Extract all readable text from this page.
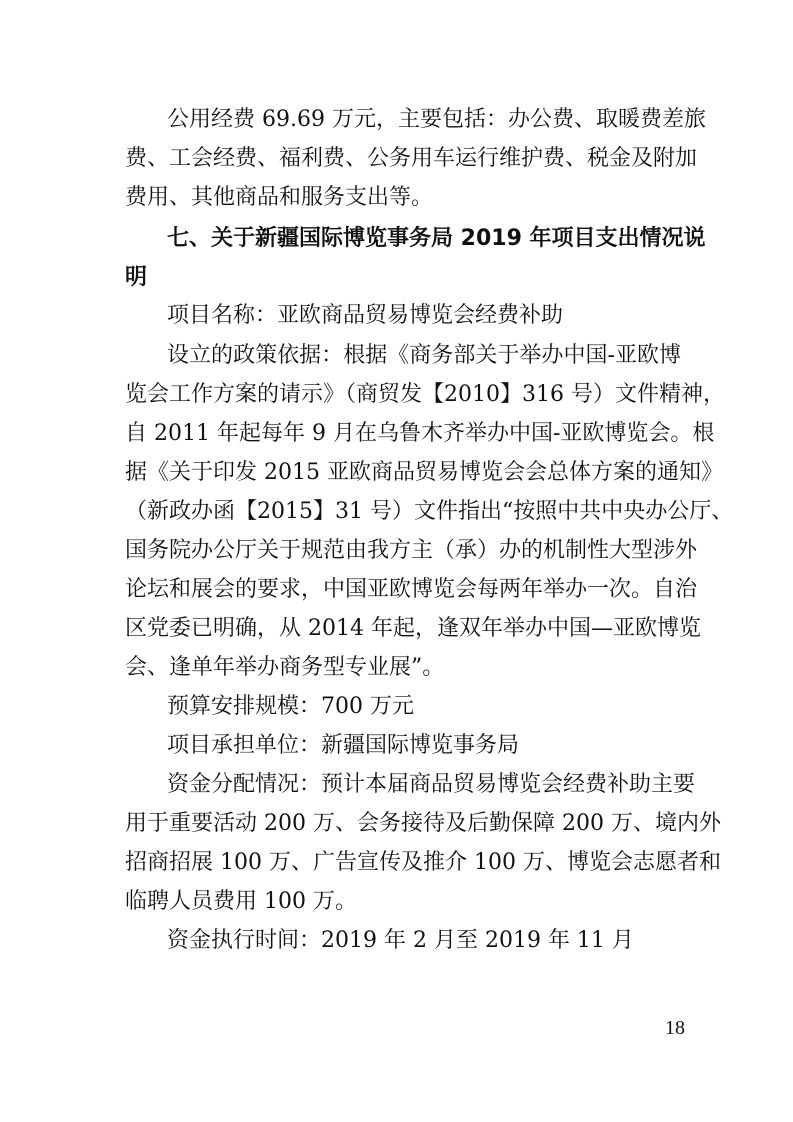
公用经费 69.69 万元，主要包括：办公费、取暖费差旅
费、工会经费、福利费、公务用车运行维护费、税金及附加
费用、其他商品和服务支出等。
七、关于新疆国际博览事务局 2019 年项目支出情况说
明
项目名称：亚欧商品贸易博览会经费补助
设立的政策依据：根据《商务部关于举办中国-亚欧博
览会工作方案的请示》（商贸发【2010】316 号）文件精神，
自 2011 年起每年 9 月在乌鲁木齐举办中国-亚欧博览会。根
据《关于印发 2015 亚欧商品贸易博览会会总体方案的通知》
（新政办函【2015】31 号）文件指出“按照中共中央办公厅、
国务院办公厅关于规范由我方主（承）办的机制性大型涉外
论坛和展会的要求，中国亚欧博览会每两年举办一次。自治
区党委已明确，从 2014 年起，逢双年举办中国—亚欧博览
会、逢单年举办商务型专业展”。
预算安排规模：700 万元
项目承担单位：新疆国际博览事务局
资金分配情况：预计本届商品贸易博览会经费补助主要
用于重要活动 200 万、会务接待及后勤保障 200 万、境内外
招商招展 100 万、广告宣传及推介 100 万、博览会志愿者和
临聘人员费用 100 万。
资金执行时间：2019 年 2 月至 2019 年 11 月
18
